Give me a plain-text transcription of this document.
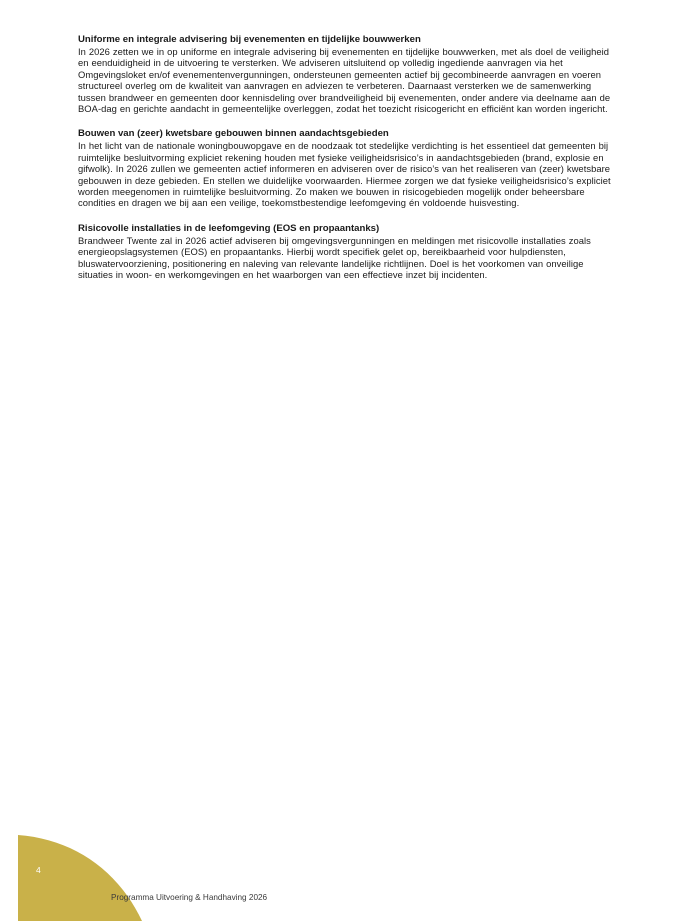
Uniforme en integrale advisering bij evenementen en tijdelijke bouwwerken

In 2026 zetten we in op uniforme en integrale advisering bij evenementen en tijdelijke bouwwerken, met als doel de veiligheid en eenduidigheid in de uitvoering te versterken. We adviseren uitsluitend op volledig ingediende aanvragen via het Omgevingsloket en/of evenementenvergunningen, ondersteunen gemeenten actief bij gecombineerde aanvragen en voeren structureel overleg om de kwaliteit van aanvragen en adviezen te verbeteren. Daarnaast versterken we de samenwerking tussen brandweer en gemeenten door kennisdeling over brandveiligheid bij evenementen, onder andere via deelname aan de BOA-dag en gerichte aandacht in gemeentelijke overleggen, zodat het toezicht risicogericht en efficiënt kan worden ingericht.

Bouwen van (zeer) kwetsbare gebouwen binnen aandachtsgebieden

In het licht van de nationale woningbouwopgave en de noodzaak tot stedelijke verdichting is het essentieel dat gemeenten bij ruimtelijke besluitvorming expliciet rekening houden met fysieke veiligheidsrisico’s in aandachtsgebieden (brand, explosie en gifwolk). In 2026 zullen we gemeenten actief informeren en adviseren over de risico’s van het realiseren van (zeer) kwetsbare gebouwen in deze gebieden. En stellen we duidelijke voorwaarden. Hiermee zorgen we dat fysieke veiligheidsrisico’s expliciet worden meegenomen in ruimtelijke besluitvorming. Zo maken we bouwen in risicogebieden mogelijk onder beheersbare condities en dragen we bij aan een veilige, toekomstbestendige leefomgeving én voldoende huisvesting.

Risicovolle installaties in de leefomgeving (EOS en propaantanks)

Brandweer Twente zal in 2026 actief adviseren bij omgevingsvergunningen en meldingen met risicovolle installaties zoals energieopslagsystemen (EOS) en propaantanks. Hierbij wordt specifiek gelet op, bereikbaarheid voor hulpdiensten, bluswatervoorziening, positionering en naleving van relevante landelijke richtlijnen. Doel is het voorkomen van onveilige situaties in woon- en werkomgevingen en het waarborgen van een effectieve inzet bij incidenten.

4
Programma Uitvoering & Handhaving 2026
